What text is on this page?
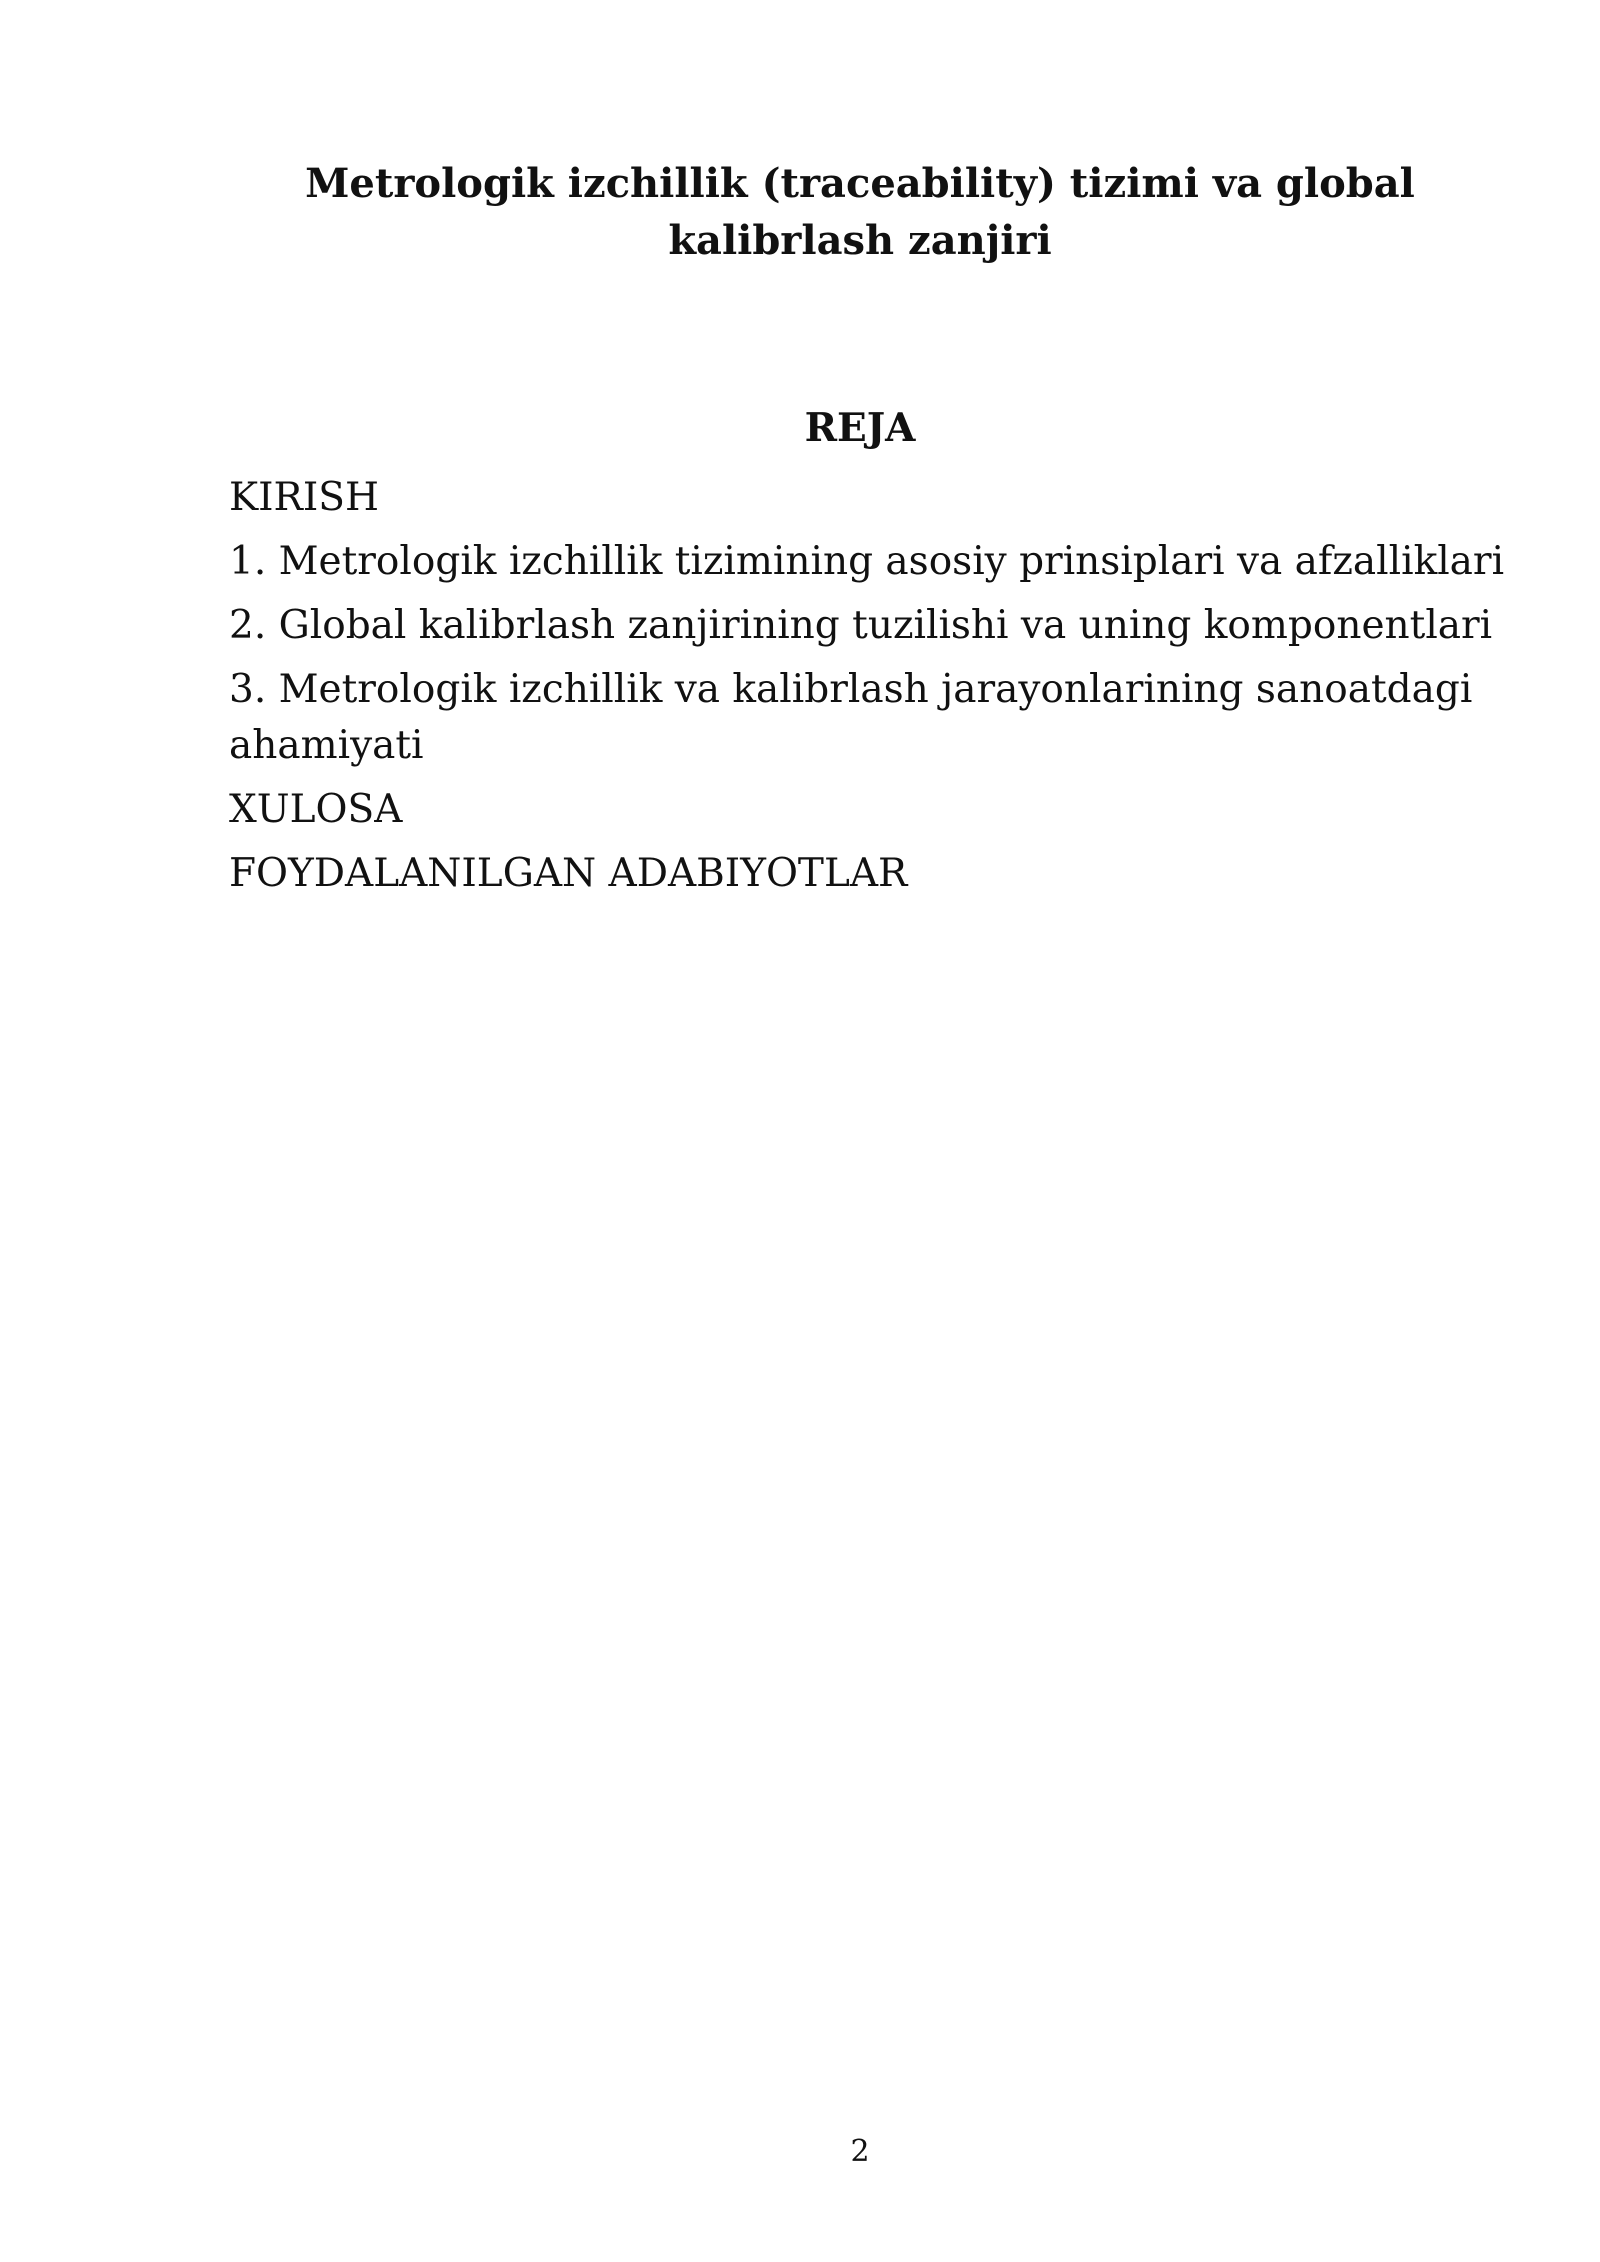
Metrologik izchillik (traceability) tizimi va global
kalibrlash zanjiri
REJA
KIRISH
1. Metrologik izchillik tizimining asosiy prinsiplari va afzalliklari
2. Global kalibrlash zanjirining tuzilishi va uning komponentlari
3. Metrologik izchillik va kalibrlash jarayonlarining sanoatdagi ahamiyati
XULOSA
FOYDALANILGAN ADABIYOTLAR
2
